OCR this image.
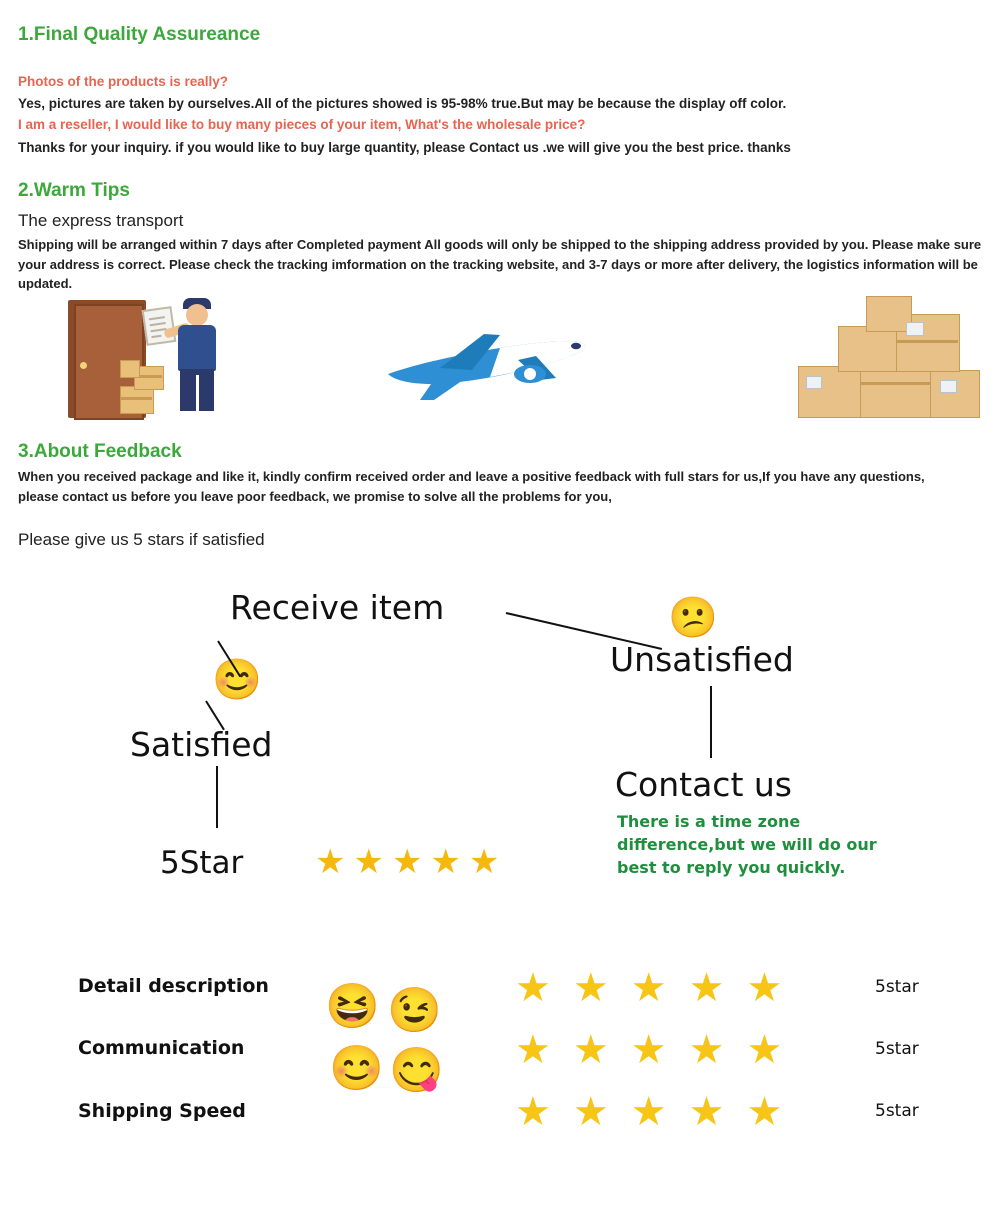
1.Final Quality Assureance

Photos of the products is really?

Yes, pictures are taken by ourselves.All of the pictures showed is 95-98% true.But may be because the display off color.

I am a reseller, I would like to buy many pieces of your item, What's the wholesale price?

Thanks for your inquiry. if you would like to buy large quantity, please Contact us .we will give you the best price. thanks

2.Warm Tips
The express transport

Shipping will be arranged within 7 days after Completed payment All goods will only be shipped to the shipping address provided by you. Please make sure your address is correct. Please check the tracking imformation on the tracking website, and 3-7 days or more after delivery, the logistics information will be updated.

3.About Feedback

When you received package and like it, kindly confirm received order and leave a positive feedback with full stars for us,If you have any questions, please contact us before you leave poor feedback, we promise to solve all the problems for you,

Please give us 5 stars if satisfied
Receive item
Unsatisfied
Satisfied
Contact us
5Star
There is a time zone difference,but we will do our best to reply you quickly.
😊
😕
★★★★★
Detail description
Communication
Shipping Speed
😆 😉
😊 😋
★★★★★
★★★★★
★★★★★
5star
5star
5star
